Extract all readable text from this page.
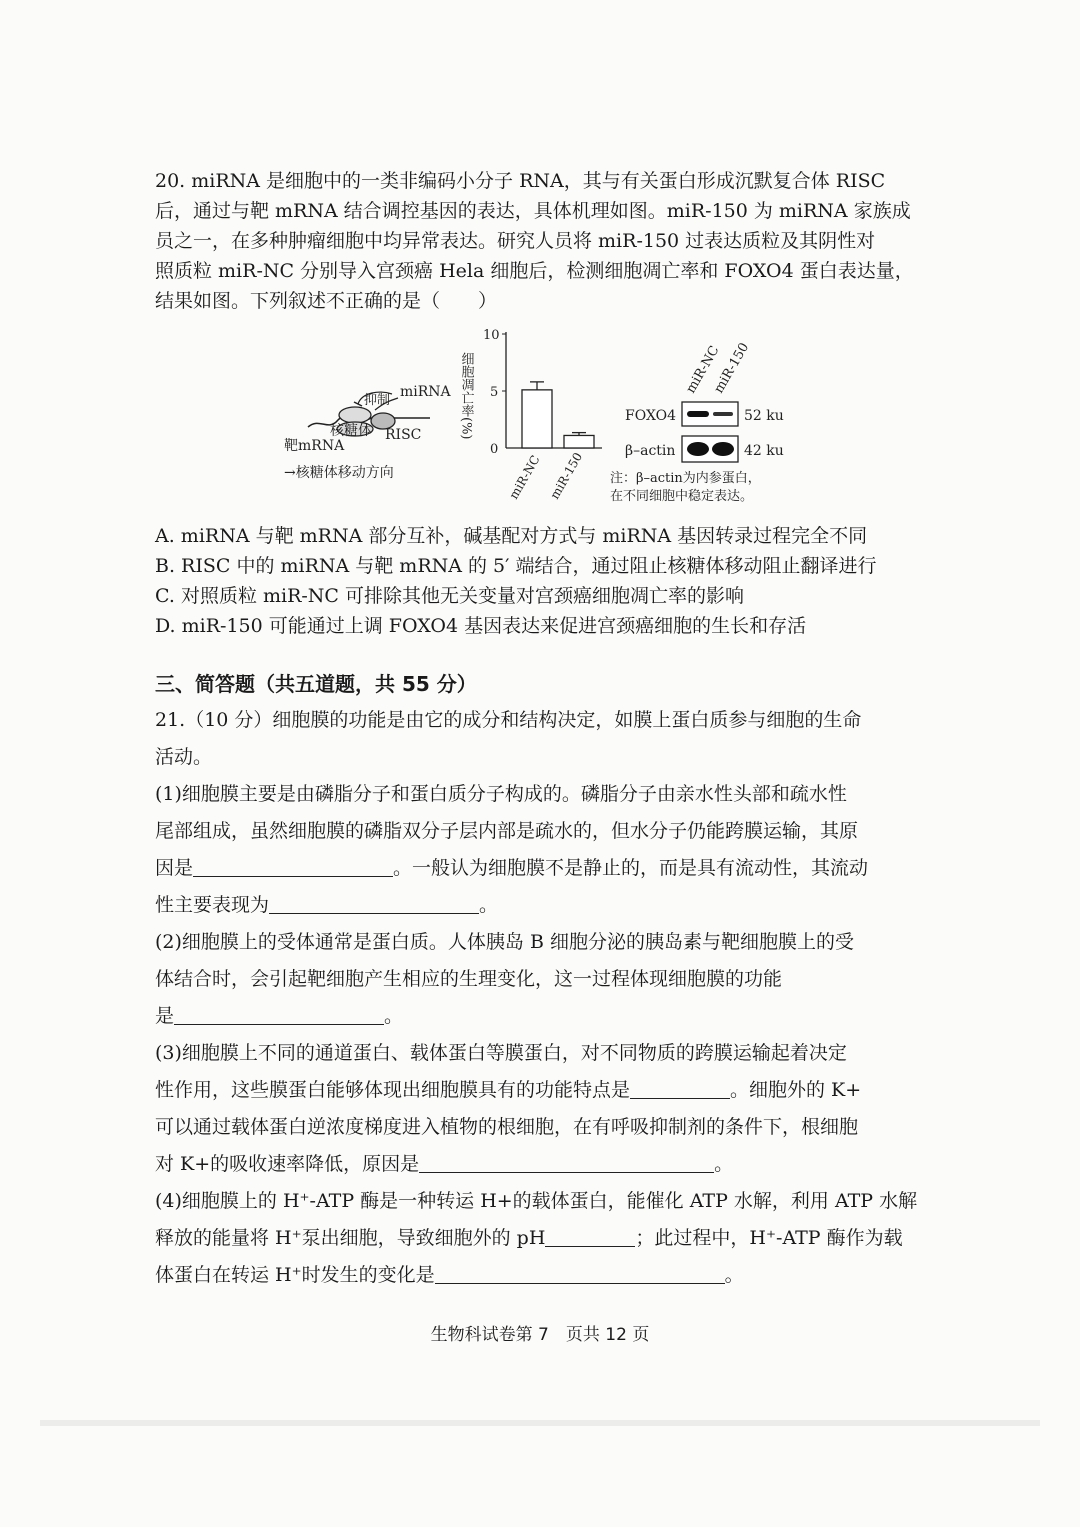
20. miRNA 是细胞中的一类非编码小分子 RNA，其与有关蛋白形成沉默复合体 RISC

后，通过与靶 mRNA 结合调控基因的表达，具体机理如图。miR-150 为 miRNA 家族成

员之一，在多种肿瘤细胞中均异常表达。研究人员将 miR-150 过表达质粒及其阴性对

照质粒 miR-NC 分别导入宫颈癌 Hela 细胞后，检测细胞凋亡率和 FOXO4 蛋白表达量，

结果如图。下列叙述不正确的是（　　）

抑制
miRNA
核糖体 RISC
靶mRNA
→核糖体移动方向
细胞凋亡率(%)
10
5
0
miR-NC miR-150
miR-NC
miR-150
FOXO4	52 ku
β–actin	42 ku
注：β–actin为内参蛋白，
在不同细胞中稳定表达。
A. miRNA 与靶 mRNA 部分互补，碱基配对方式与 miRNA 基因转录过程完全不同
B. RISC 中的 miRNA 与靶 mRNA 的 5′ 端结合，通过阻止核糖体移动阻止翻译进行
C. 对照质粒 miR-NC 可排除其他无关变量对宫颈癌细胞凋亡率的影响
D. miR-150 可能通过上调 FOXO4 基因表达来促进宫颈癌细胞的生长和存活
三、简答题（共五道题，共 55 分）

21.（10 分）细胞膜的功能是由它的成分和结构决定，如膜上蛋白质参与细胞的生命

活动。

(1)细胞膜主要是由磷脂分子和蛋白质分子构成的。磷脂分子由亲水性头部和疏水性

尾部组成，虽然细胞膜的磷脂双分子层内部是疏水的，但水分子仍能跨膜运输，其原

因是	。一般认为细胞膜不是静止的，而是具有流动性，其流动

性主要表现为	。

(2)细胞膜上的受体通常是蛋白质。人体胰岛 B 细胞分泌的胰岛素与靶细胞膜上的受

体结合时，会引起靶细胞产生相应的生理变化，这一过程体现细胞膜的功能

是	。

(3)细胞膜上不同的通道蛋白、载体蛋白等膜蛋白，对不同物质的跨膜运输起着决定

性作用，这些膜蛋白能够体现出细胞膜具有的功能特点是	。细胞外的 K+

可以通过载体蛋白逆浓度梯度进入植物的根细胞，在有呼吸抑制剂的条件下，根细胞

对 K+的吸收速率降低，原因是	。

(4)细胞膜上的 H⁺-ATP 酶是一种转运 H+的载体蛋白，能催化 ATP 水解，利用 ATP 水解

释放的能量将 H⁺泵出细胞，导致细胞外的 pH	；此过程中，H⁺-ATP 酶作为载

体蛋白在转运 H⁺时发生的变化是	。

生物科试卷第 7　页共 12 页
